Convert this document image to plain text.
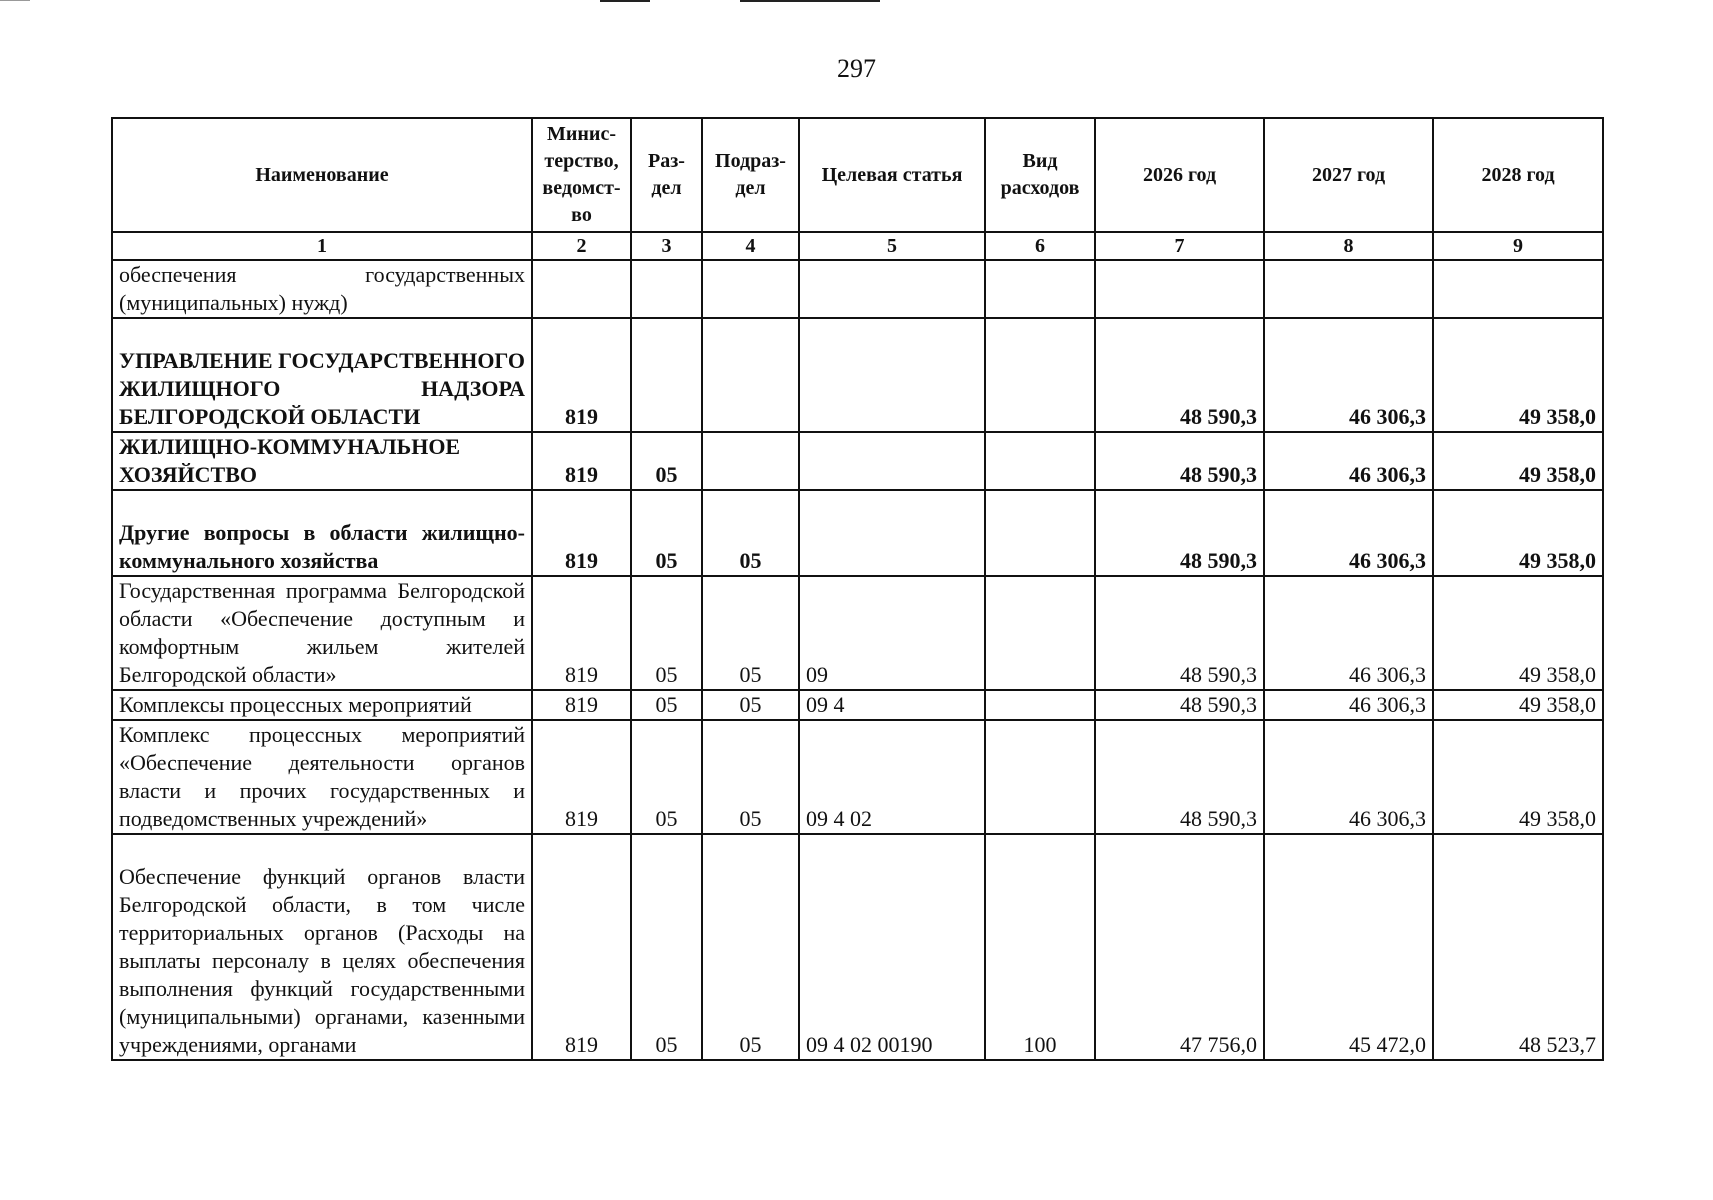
297
Наименование	Минис-терство, ведомст-во	Раз-дел	Подраз-дел	Целевая статья	Вид расходов	2026 год	2027 год	2028 год
1	2	3	4	5	6	7	8	9
обеспечения государственных (муниципальных) нужд)								
УПРАВЛЕНИЕ ГОСУДАРСТВЕННОГО ЖИЛИЩНОГО НАДЗОРА БЕЛГОРОДСКОЙ ОБЛАСТИ	819					48 590,3	46 306,3	49 358,0
ЖИЛИЩНО-КОММУНАЛЬНОЕ ХОЗЯЙСТВО	819	05				48 590,3	46 306,3	49 358,0
Другие вопросы в области жилищно-коммунального хозяйства	819	05	05			48 590,3	46 306,3	49 358,0
Государственная программа Белгородской области «Обеспечение доступным и комфортным жильем жителей Белгородской области»	819	05	05	09		48 590,3	46 306,3	49 358,0
Комплексы процессных мероприятий	819	05	05	09 4		48 590,3	46 306,3	49 358,0
Комплекс процессных мероприятий «Обеспечение деятельности органов власти и прочих государственных и подведомственных учреждений»	819	05	05	09 4 02		48 590,3	46 306,3	49 358,0
Обеспечение функций органов власти Белгородской области, в том числе территориальных органов (Расходы на выплаты персоналу в целях обеспечения выполнения функций государственными (муниципальными) органами, казенными учреждениями, органами	819	05	05	09 4 02 00190	100	47 756,0	45 472,0	48 523,7
